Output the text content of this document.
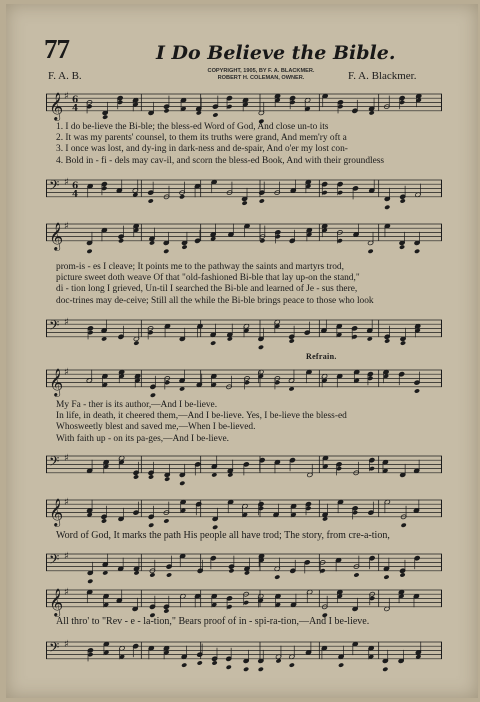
77	I Do Believe the Bible.
COPYRIGHT, 1905, BY F. A. BLACKMER.
ROBERT H. COLEMAN, OWNER.
F. A. B.	F. A. Blackmer.
𝄞 ♯ 6
4
1. I do be-lieve the Bi-ble; the bless-ed Word of God, And close un-to its
2. It was my parents' counsel, to them its truths were grand, And mem'ry oft a
3. I once was lost, and dy-ing in dark-ness and de-spair, And o'er my lost con-
4. Bold in - fi - dels may cav-il, and scorn the bless-ed Book, And with their groundless
𝄢 ♯ 6
4
𝄞 ♯
prom-is - es I cleave; It points me to the pathway the saints and martyrs trod,
picture sweet doth weave Of that "old-fashioned Bi-ble that lay up-on the stand,"
di - tion long I grieved, Un-til I searched the Bi-ble and learned of Je - sus there,
doc-trines may de-ceive; Still all the while the Bi-ble brings peace to those who look
𝄢 ♯
Refrain.
𝄞 ♯
My Fa - ther is its author,—And I be-lieve.
In life, in death, it cheered them,—And I be-lieve. Yes, I be-lieve the bless-ed
Whosweetly blest and saved me,—When I be-lieved.
With faith up - on its pa-ges,—And I be-lieve.
𝄢 ♯
𝄞 ♯
Word of God, It marks the path His people all have trod; The story, from cre-a-tion,
𝄢 ♯
𝄞 ♯
All thro' to "Rev - e - la-tion," Bears proof of in - spi-ra-tion,—And I be-lieve.
𝄢 ♯
